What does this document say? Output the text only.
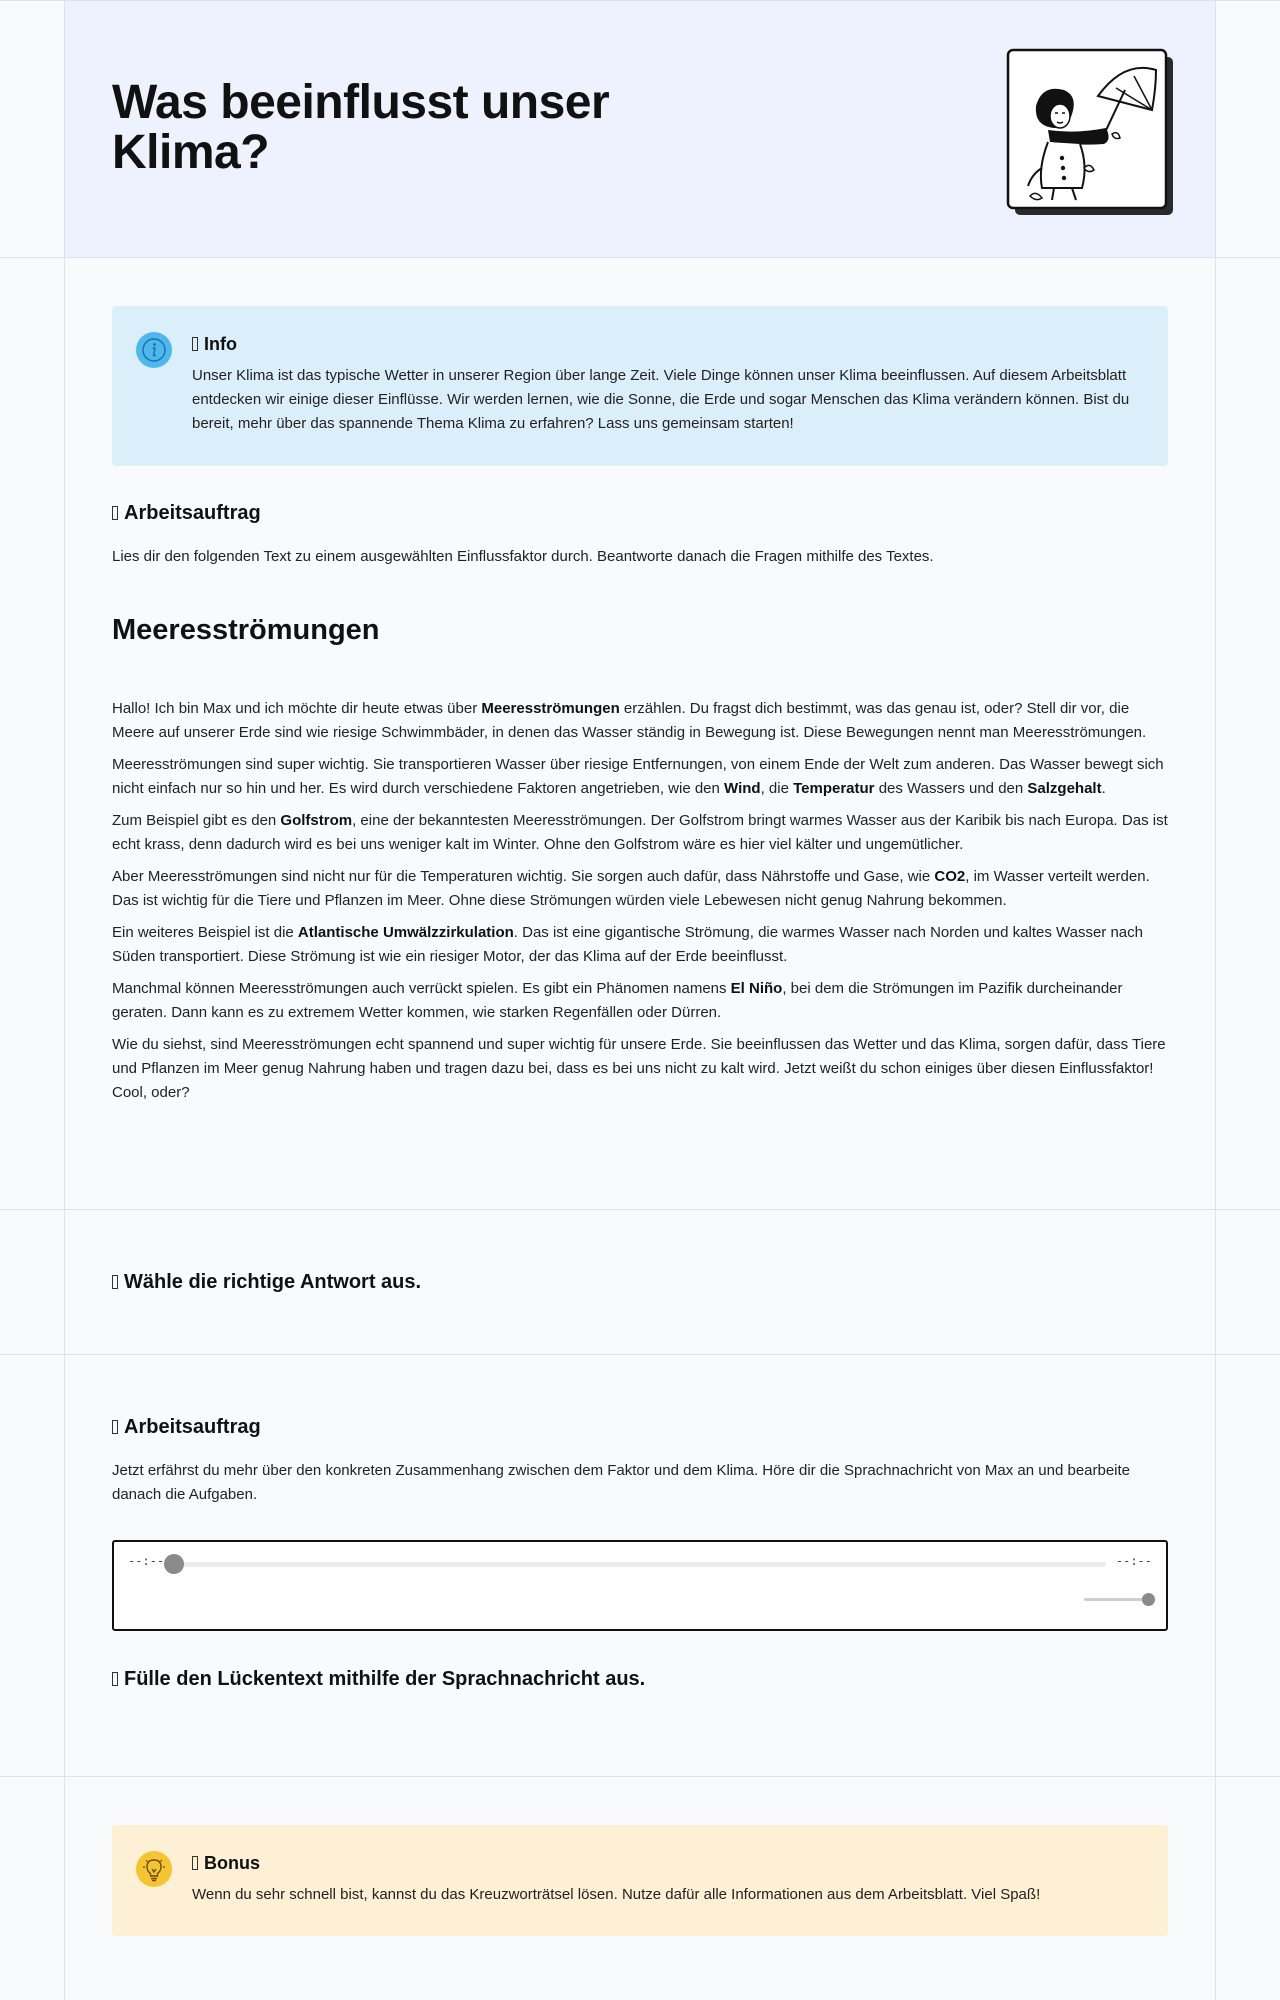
Was beeinflusst unser Klima?
Info
Unser Klima ist das typische Wetter in unserer Region über lange Zeit. Viele Dinge können unser Klima beeinflussen. Auf diesem Arbeitsblatt entdecken wir einige dieser Einflüsse. Wir werden lernen, wie die Sonne, die Erde und sogar Menschen das Klima verändern können. Bist du bereit, mehr über das spannende Thema Klima zu erfahren? Lass uns gemeinsam starten!
Arbeitsauftrag

Lies dir den folgenden Text zu einem ausgewählten Einflussfaktor durch. Beantworte danach die Fragen mithilfe des Textes.

Meeresströmungen

Hallo! Ich bin Max und ich möchte dir heute etwas über Meeresströmungen erzählen. Du fragst dich bestimmt, was das genau ist, oder? Stell dir vor, die Meere auf unserer Erde sind wie riesige Schwimmbäder, in denen das Wasser ständig in Bewegung ist. Diese Bewegungen nennt man Meeresströmungen.

Meeresströmungen sind super wichtig. Sie transportieren Wasser über riesige Entfernungen, von einem Ende der Welt zum anderen. Das Wasser bewegt sich nicht einfach nur so hin und her. Es wird durch verschiedene Faktoren angetrieben, wie den Wind, die Temperatur des Wassers und den Salzgehalt.

Zum Beispiel gibt es den Golfstrom, eine der bekanntesten Meeresströmungen. Der Golfstrom bringt warmes Wasser aus der Karibik bis nach Europa. Das ist echt krass, denn dadurch wird es bei uns weniger kalt im Winter. Ohne den Golfstrom wäre es hier viel kälter und ungemütlicher.

Aber Meeresströmungen sind nicht nur für die Temperaturen wichtig. Sie sorgen auch dafür, dass Nährstoffe und Gase, wie CO2, im Wasser verteilt werden. Das ist wichtig für die Tiere und Pflanzen im Meer. Ohne diese Strömungen würden viele Lebewesen nicht genug Nahrung bekommen.

Ein weiteres Beispiel ist die Atlantische Umwälzzirkulation. Das ist eine gigantische Strömung, die warmes Wasser nach Norden und kaltes Wasser nach Süden transportiert. Diese Strömung ist wie ein riesiger Motor, der das Klima auf der Erde beeinflusst.

Manchmal können Meeresströmungen auch verrückt spielen. Es gibt ein Phänomen namens El Niño, bei dem die Strömungen im Pazifik durcheinander geraten. Dann kann es zu extremem Wetter kommen, wie starken Regenfällen oder Dürren.

Wie du siehst, sind Meeresströmungen echt spannend und super wichtig für unsere Erde. Sie beeinflussen das Wetter und das Klima, sorgen dafür, dass Tiere und Pflanzen im Meer genug Nahrung haben und tragen dazu bei, dass es bei uns nicht zu kalt wird. Jetzt weißt du schon einiges über diesen Einflussfaktor! Cool, oder?

Wähle die richtige Antwort aus.
Arbeitsauftrag

Jetzt erfährst du mehr über den konkreten Zusammenhang zwischen dem Faktor und dem Klima. Höre dir die Sprachnachricht von Max an und bearbeite danach die Aufgaben.

--:--	--:--
Fülle den Lückentext mithilfe der Sprachnachricht aus.
Bonus
Wenn du sehr schnell bist, kannst du das Kreuzworträtsel lösen. Nutze dafür alle Informationen aus dem Arbeitsblatt. Viel Spaß!
